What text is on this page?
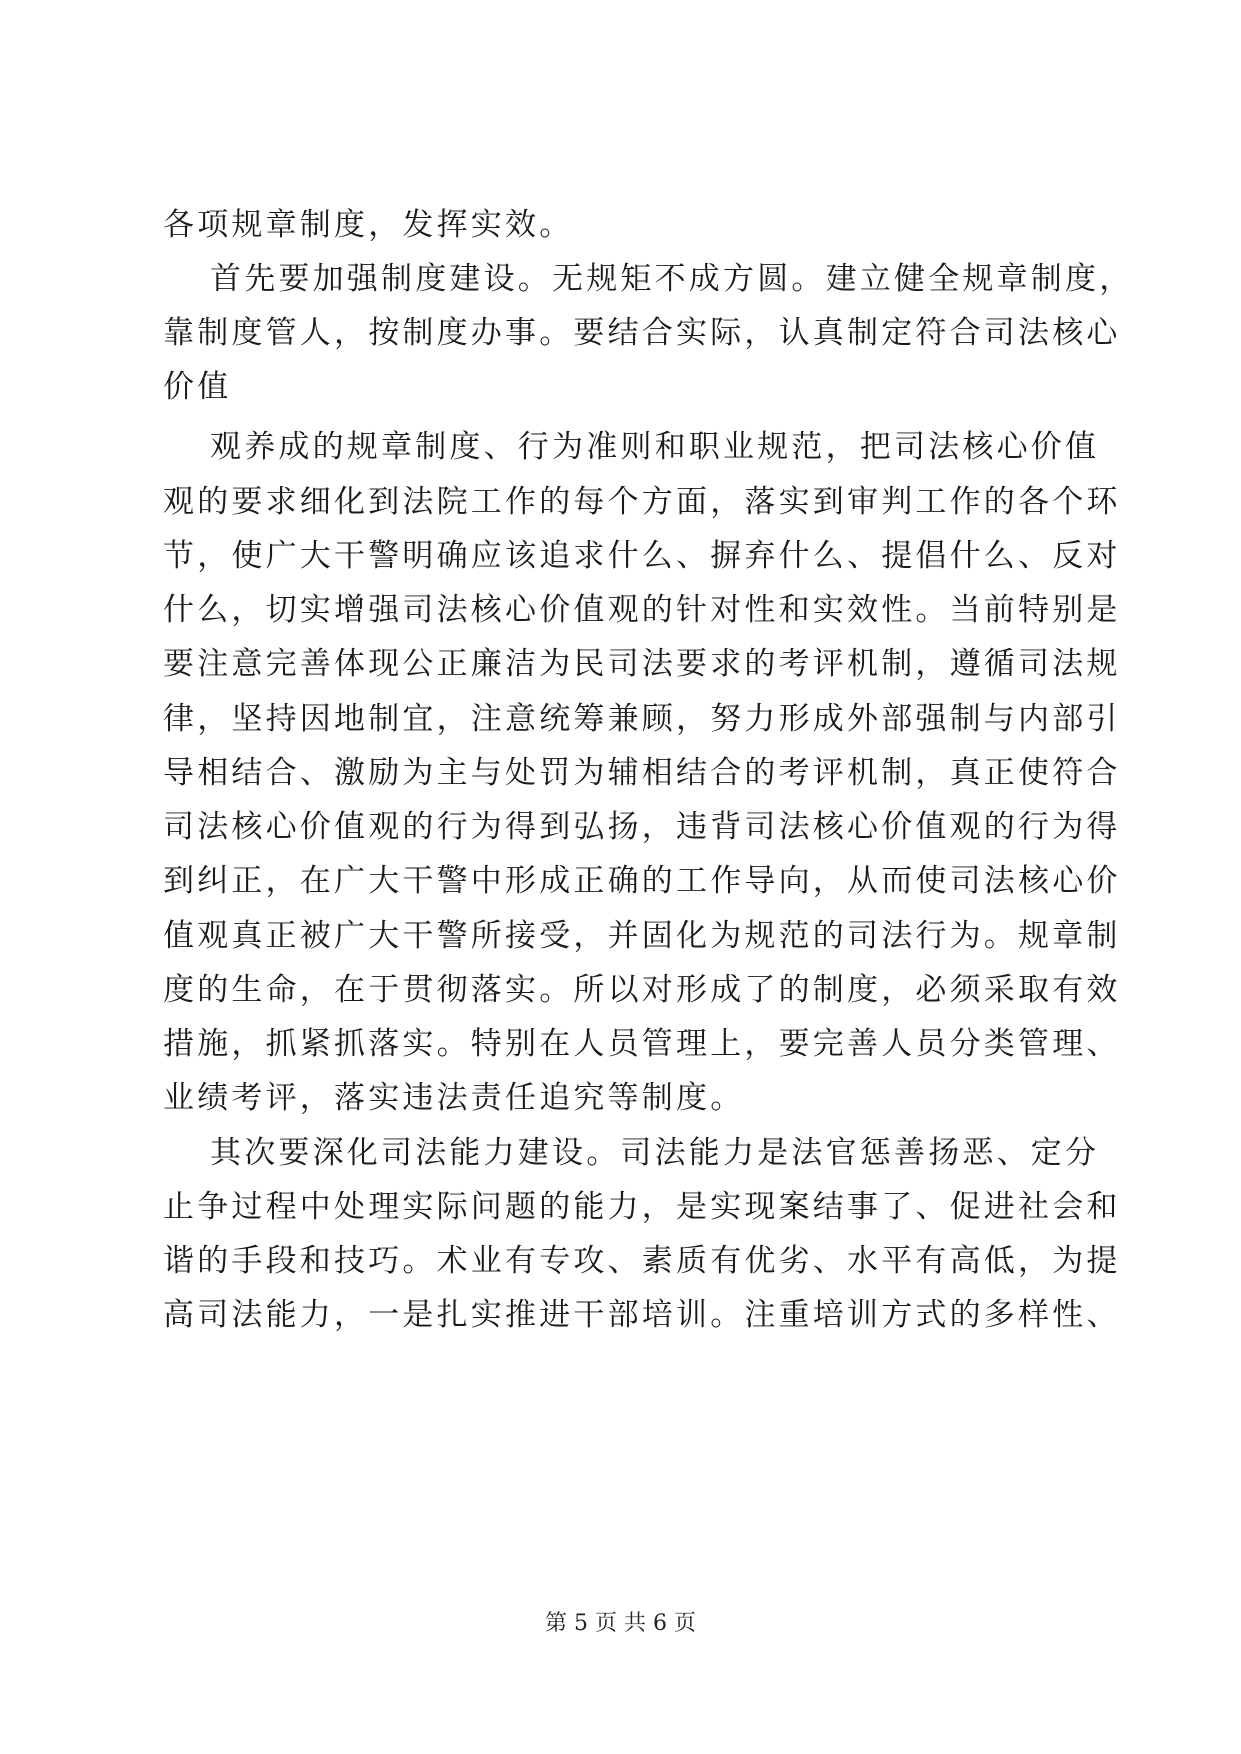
各项规章制度，发挥实效。
首先要加强制度建设。无规矩不成方圆。建立健全规章制度，
靠制度管人，按制度办事。要结合实际，认真制定符合司法核心
价值
观养成的规章制度、行为准则和职业规范，把司法核心价值
观的要求细化到法院工作的每个方面，落实到审判工作的各个环
节，使广大干警明确应该追求什么、摒弃什么、提倡什么、反对
什么，切实增强司法核心价值观的针对性和实效性。当前特别是
要注意完善体现公正廉洁为民司法要求的考评机制，遵循司法规
律，坚持因地制宜，注意统筹兼顾，努力形成外部强制与内部引
导相结合、激励为主与处罚为辅相结合的考评机制，真正使符合
司法核心价值观的行为得到弘扬，违背司法核心价值观的行为得
到纠正，在广大干警中形成正确的工作导向，从而使司法核心价
值观真正被广大干警所接受，并固化为规范的司法行为。规章制
度的生命，在于贯彻落实。所以对形成了的制度，必须采取有效
措施，抓紧抓落实。特别在人员管理上，要完善人员分类管理、
业绩考评，落实违法责任追究等制度。
其次要深化司法能力建设。司法能力是法官惩善扬恶、定分
止争过程中处理实际问题的能力，是实现案结事了、促进社会和
谐的手段和技巧。术业有专攻、素质有优劣、水平有高低，为提
高司法能力，一是扎实推进干部培训。注重培训方式的多样性、
第 5 页 共 6 页
